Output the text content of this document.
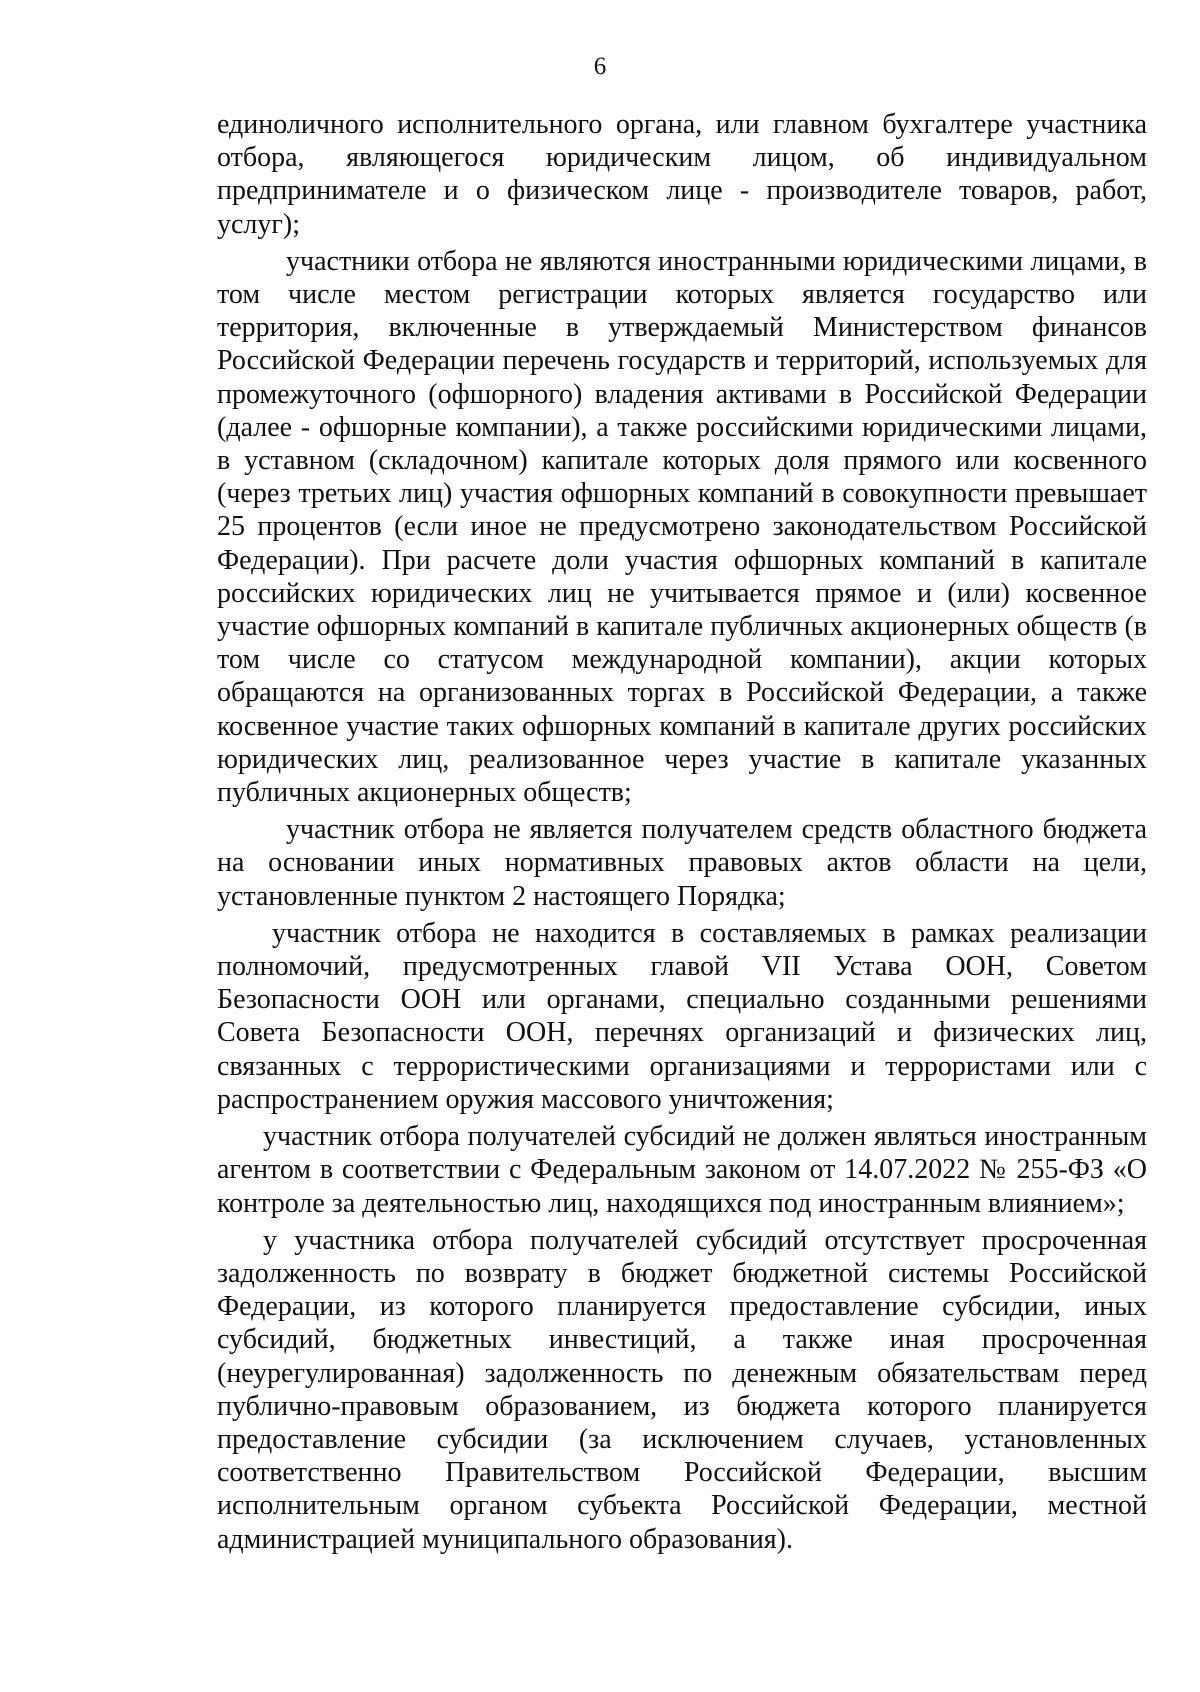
6

единоличного исполнительного органа, или главном бухгалтере участника отбора, являющегося юридическим лицом, об индивидуальном предпринимателе и о физическом лице - производителе товаров, работ, услуг);

участники отбора не являются иностранными юридическими лицами, в том числе местом регистрации которых является государство или территория, включенные в утверждаемый Министерством финансов Российской Федерации перечень государств и территорий, используемых для промежуточного (офшорного) владения активами в Российской Федерации (далее - офшорные компании), а также российскими юридическими лицами, в уставном (складочном) капитале которых доля прямого или косвенного (через третьих лиц) участия офшорных компаний в совокупности превышает 25 процентов (если иное не предусмотрено законодательством Российской Федерации). При расчете доли участия офшорных компаний в капитале российских юридических лиц не учитывается прямое и (или) косвенное участие офшорных компаний в капитале публичных акционерных обществ (в том числе со статусом международной компании), акции которых обращаются на организованных торгах в Российской Федерации, а также косвенное участие таких офшорных компаний в капитале других российских юридических лиц, реализованное через участие в капитале указанных публичных акционерных обществ;

участник отбора не является получателем средств областного бюджета на основании иных нормативных правовых актов области на цели, установленные пунктом 2 настоящего Порядка;

участник отбора не находится в составляемых в рамках реализации полномочий, предусмотренных главой VII Устава ООН, Советом Безопасности ООН или органами, специально созданными решениями Совета Безопасности ООН, перечнях организаций и физических лиц, связанных с террористическими организациями и террористами или с распространением оружия массового уничтожения;

участник отбора получателей субсидий не должен являться иностранным агентом в соответствии с Федеральным законом от 14.07.2022 № 255-ФЗ «О контроле за деятельностью лиц, находящихся под иностранным влиянием»;

у участника отбора получателей субсидий отсутствует просроченная задолженность по возврату в бюджет бюджетной системы Российской Федерации, из которого планируется предоставление субсидии, иных субсидий, бюджетных инвестиций, а также иная просроченная (неурегулированная) задолженность по денежным обязательствам перед публично-правовым образованием, из бюджета которого планируется предоставление субсидии (за исключением случаев, установленных соответственно Правительством Российской Федерации, высшим исполнительным органом субъекта Российской Федерации, местной администрацией муниципального образования).
